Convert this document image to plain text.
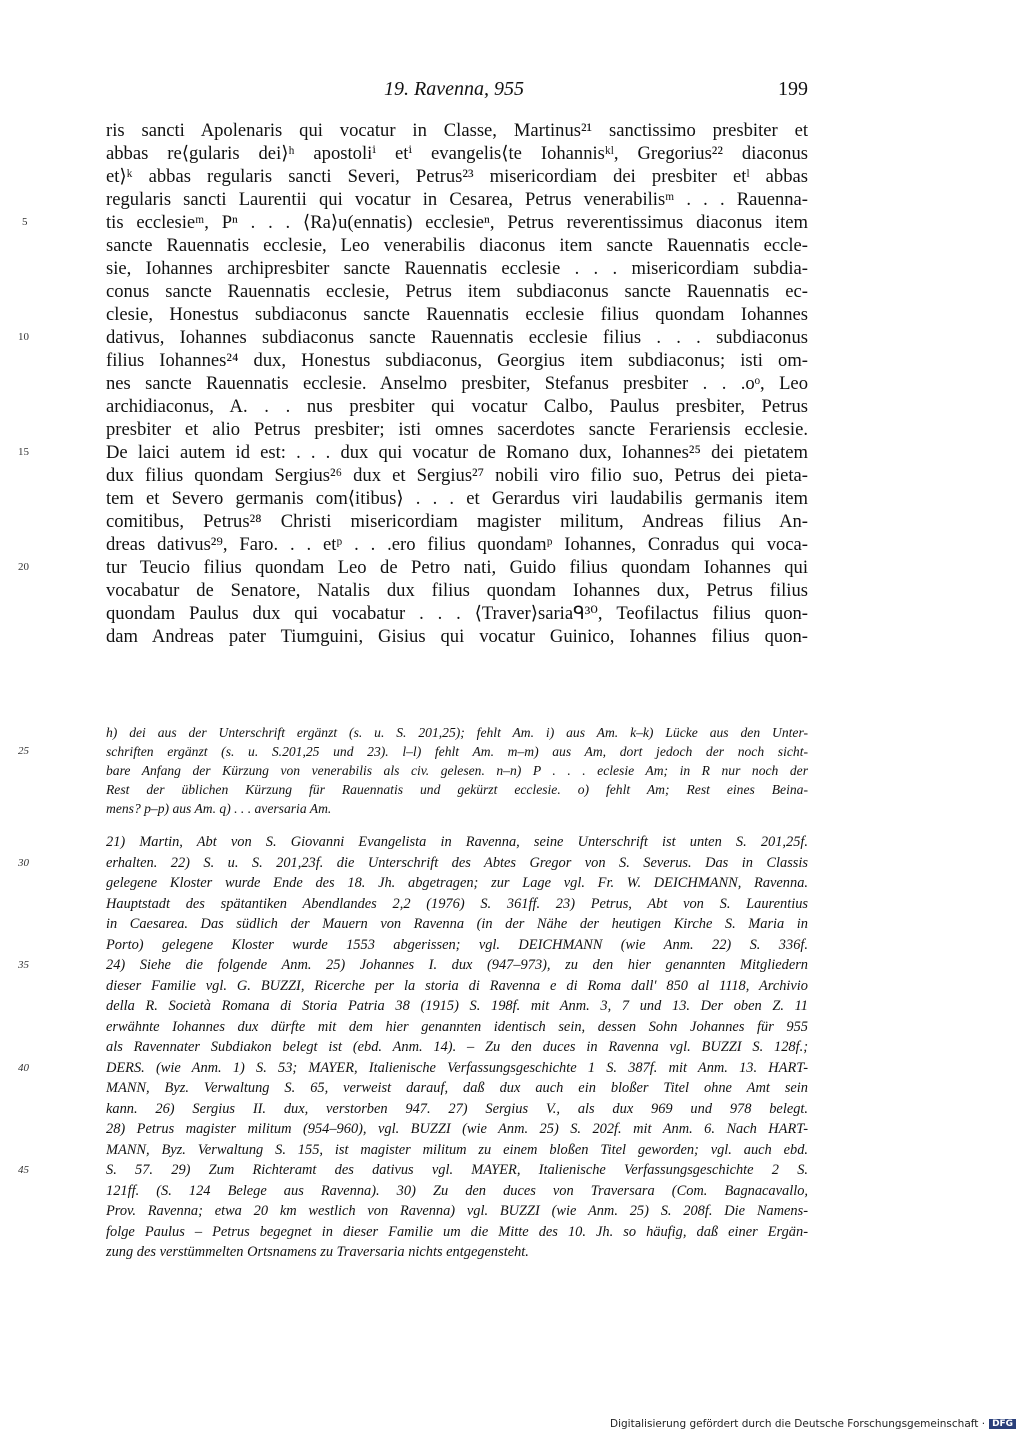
19. Ravenna, 955	199
ris sancti Apolenaris qui vocatur in Classe, Martinus²¹ sanctissimo presbiter et
abbas re⟨gularis dei⟩ʰ apostoliⁱ etⁱ evangelis⟨te Iohannisᵏˡ, Gregorius²² diaconus
et⟩ᵏ abbas regularis sancti Severi, Petrus²³ misericordiam dei presbiter etˡ abbas
regularis sancti Laurentii qui vocatur in Cesarea, Petrus venerabilisᵐ . . . Rauenna-
5	tis ecclesieᵐ, Pⁿ . . . ⟨Ra⟩u(ennatis) ecclesieⁿ, Petrus reverentissimus diaconus item
sancte Rauennatis ecclesie, Leo venerabilis diaconus item sancte Rauennatis eccle-
sie, Iohannes archipresbiter sancte Rauennatis ecclesie . . . misericordiam subdia-
conus sancte Rauennatis ecclesie, Petrus item subdiaconus sancte Rauennatis ec-
clesie, Honestus subdiaconus sancte Rauennatis ecclesie filius quondam Iohannes
10	dativus, Iohannes subdiaconus sancte Rauennatis ecclesie filius . . . subdiaconus
filius Iohannes²⁴ dux, Honestus subdiaconus, Georgius item subdiaconus; isti om-
nes sancte Rauennatis ecclesie. Anselmo presbiter, Stefanus presbiter . . .oᵒ, Leo
archidiaconus, A. . . nus presbiter qui vocatur Calbo, Paulus presbiter, Petrus
presbiter et alio Petrus presbiter; isti omnes sacerdotes sancte Ferariensis ecclesie.
15	De laici autem id est: . . . dux qui vocatur de Romano dux, Iohannes²⁵ dei pietatem
dux filius quondam Sergius²⁶ dux et Sergius²⁷ nobili viro filio suo, Petrus dei pieta-
tem et Severo germanis com⟨itibus⟩ . . . et Gerardus viri laudabilis germanis item
comitibus, Petrus²⁸ Christi misericordiam magister militum, Andreas filius An-
dreas dativus²⁹, Faro. . . etᵖ . . .ero filius quondamᵖ Iohannes, Conradus qui voca-
20	tur Teucio filius quondam Leo de Petro nati, Guido filius quondam Iohannes qui
vocabatur de Senatore, Natalis dux filius quondam Iohannes dux, Petrus filius
quondam Paulus dux qui vocabatur . . . ⟨Traver⟩sariaᑫ³⁰, Teofilactus filius quon-
dam Andreas pater Tiumguini, Gisius qui vocatur Guinico, Iohannes filius quon-
h) dei aus der Unterschrift ergänzt (s. u. S. 201,25); fehlt Am. i) aus Am. k–k) Lücke aus den Unter-
25	schriften ergänzt (s. u. S.201,25 und 23). l–l) fehlt Am. m–m) aus Am, dort jedoch der noch sicht-
bare Anfang der Kürzung von venerabilis als civ. gelesen. n–n) P . . . eclesie Am; in R nur noch der
Rest der üblichen Kürzung für Rauennatis und gekürzt ecclesie. o) fehlt Am; Rest eines Beina-
mens? p–p) aus Am. q) . . . aversaria Am.
21) Martin, Abt von S. Giovanni Evangelista in Ravenna, seine Unterschrift ist unten S. 201,25f.
30	erhalten. 22) S. u. S. 201,23f. die Unterschrift des Abtes Gregor von S. Severus. Das in Classis
gelegene Kloster wurde Ende des 18. Jh. abgetragen; zur Lage vgl. Fr. W. DEICHMANN, Ravenna.
Hauptstadt des spätantiken Abendlandes 2,2 (1976) S. 361ff. 23) Petrus, Abt von S. Laurentius
in Caesarea. Das südlich der Mauern von Ravenna (in der Nähe der heutigen Kirche S. Maria in
Porto) gelegene Kloster wurde 1553 abgerissen; vgl. DEICHMANN (wie Anm. 22) S. 336f.
35	24) Siehe die folgende Anm. 25) Johannes I. dux (947–973), zu den hier genannten Mitgliedern
dieser Familie vgl. G. BUZZI, Ricerche per la storia di Ravenna e di Roma dall' 850 al 1118, Archivio
della R. Società Romana di Storia Patria 38 (1915) S. 198f. mit Anm. 3, 7 und 13. Der oben Z. 11
erwähnte Iohannes dux dürfte mit dem hier genannten identisch sein, dessen Sohn Johannes für 955
als Ravennater Subdiakon belegt ist (ebd. Anm. 14). – Zu den duces in Ravenna vgl. BUZZI S. 128f.;
40	DERS. (wie Anm. 1) S. 53; MAYER, Italienische Verfassungsgeschichte 1 S. 387f. mit Anm. 13. HART-
MANN, Byz. Verwaltung S. 65, verweist darauf, daß dux auch ein bloßer Titel ohne Amt sein
kann. 26) Sergius II. dux, verstorben 947. 27) Sergius V., als dux 969 und 978 belegt.
28) Petrus magister militum (954–960), vgl. BUZZI (wie Anm. 25) S. 202f. mit Anm. 6. Nach HART-
MANN, Byz. Verwaltung S. 155, ist magister militum zu einem bloßen Titel geworden; vgl. auch ebd.
45	S. 57. 29) Zum Richteramt des dativus vgl. MAYER, Italienische Verfassungsgeschichte 2 S.
121ff. (S. 124 Belege aus Ravenna). 30) Zu den duces von Traversara (Com. Bagnacavallo,
Prov. Ravenna; etwa 20 km westlich von Ravenna) vgl. BUZZI (wie Anm. 25) S. 208f. Die Namens-
folge Paulus – Petrus begegnet in dieser Familie um die Mitte des 10. Jh. so häufig, daß einer Ergän-
zung des verstümmelten Ortsnamens zu Traversaria nichts entgegensteht.
Digitalisierung gefördert durch die Deutsche Forschungsgemeinschaft · DFG
